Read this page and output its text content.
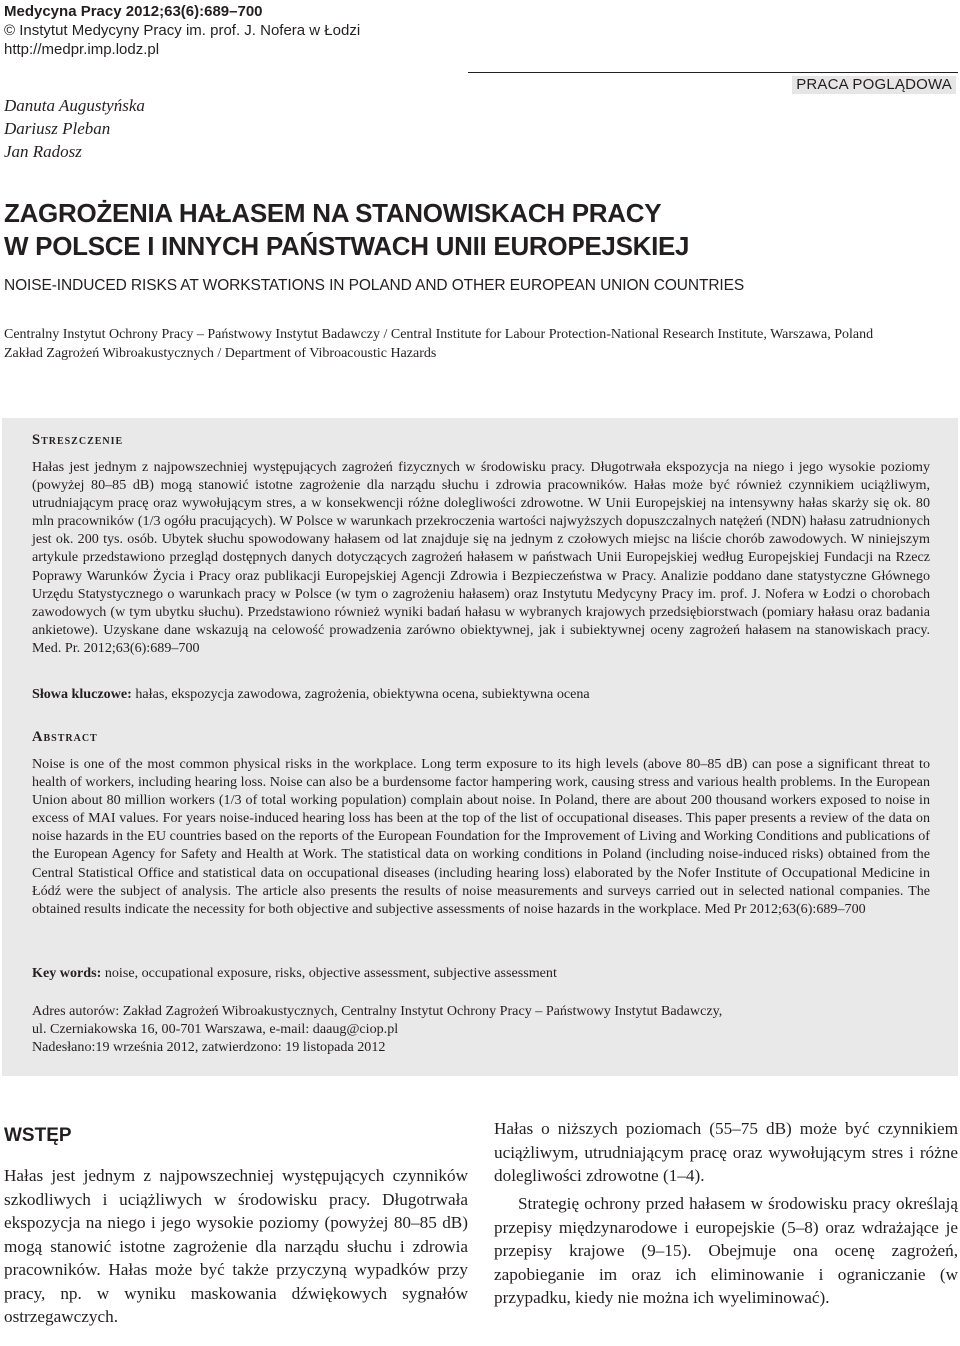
Medycyna Pracy 2012;63(6):689–700
© Instytut Medycyny Pracy im. prof. J. Nofera w Łodzi
http://medpr.imp.lodz.pl
Danuta Augustyńska
Dariusz Pleban
Jan Radosz
PRACA POGLĄDOWA
ZAGROŻENIA HAŁASEM NA STANOWISKACH PRACY
W POLSCE I INNYCH PAŃSTWACH UNII EUROPEJSKIEJ
NOISE-INDUCED RISKS AT WORKSTATIONS IN POLAND AND OTHER EUROPEAN UNION COUNTRIES
Centralny Instytut Ochrony Pracy – Państwowy Instytut Badawczy / Central Institute for Labour Protection-National Research Institute, Warszawa, Poland
Zakład Zagrożeń Wibroakustycznych / Department of Vibroacoustic Hazards
Streszczenie
Hałas jest jednym z najpowszechniej występujących zagrożeń fizycznych w środowisku pracy. Długotrwała ekspozycja na niego i jego wysokie poziomy (powyżej 80–85 dB) mogą stanowić istotne zagrożenie dla narządu słuchu i zdrowia pracowników. Hałas może być również czynnikiem uciążliwym, utrudniającym pracę oraz wywołującym stres, a w konsekwencji różne dolegliwości zdrowotne. W Unii Europejskiej na intensywny hałas skarży się ok. 80 mln pracowników (1/3 ogółu pracujących). W Polsce w warunkach przekroczenia wartości najwyższych dopuszczalnych natężeń (NDN) hałasu zatrudnionych jest ok. 200 tys. osób. Ubytek słuchu spowodowany hałasem od lat znajduje się na jednym z czołowych miejsc na liście chorób zawodowych. W niniejszym artykule przedstawiono przegląd dostępnych danych dotyczących zagrożeń hałasem w państwach Unii Europejskiej według Europejskiej Fundacji na Rzecz Poprawy Warunków Życia i Pracy oraz publikacji Europejskiej Agencji Zdrowia i Bezpieczeństwa w Pracy. Analizie poddano dane statystyczne Głównego Urzędu Statystycznego o warunkach pracy w Polsce (w tym o zagrożeniu hałasem) oraz Instytutu Medycyny Pracy im. prof. J. Nofera w Łodzi o chorobach zawodowych (w tym ubytku słuchu). Przedstawiono również wyniki badań hałasu w wybranych krajowych przedsiębiorstwach (pomiary hałasu oraz badania ankietowe). Uzyskane dane wskazują na celowość prowadzenia zarówno obiektywnej, jak i subiektywnej oceny zagrożeń hałasem na stanowiskach pracy. Med. Pr. 2012;63(6):689–700
Słowa kluczowe: hałas, ekspozycja zawodowa, zagrożenia, obiektywna ocena, subiektywna ocena
Abstract
Noise is one of the most common physical risks in the workplace. Long term exposure to its high levels (above 80–85 dB) can pose a significant threat to health of workers, including hearing loss. Noise can also be a burdensome factor hampering work, causing stress and various health problems. In the European Union about 80 million workers (1/3 of total working population) complain about noise. In Poland, there are about 200 thousand workers exposed to noise in excess of MAI values. For years noise-induced hearing loss has been at the top of the list of occupational diseases. This paper presents a review of the data on noise hazards in the EU countries based on the reports of the European Foundation for the Improvement of Living and Working Conditions and publications of the European Agency for Safety and Health at Work. The statistical data on working conditions in Poland (including noise-induced risks) obtained from the Central Statistical Office and statistical data on occupational diseases (including hearing loss) elaborated by the Nofer Institute of Occupational Medicine in Łódź were the subject of analysis. The article also presents the results of noise measurements and surveys carried out in selected national companies. The obtained results indicate the necessity for both objective and subjective assessments of noise hazards in the workplace. Med Pr 2012;63(6):689–700
Key words: noise, occupational exposure, risks, objective assessment, subjective assessment
Adres autorów: Zakład Zagrożeń Wibroakustycznych, Centralny Instytut Ochrony Pracy – Państwowy Instytut Badawczy,
ul. Czerniakowska 16, 00-701 Warszawa, e-mail: daaug@ciop.pl
Nadesłano:19 września 2012, zatwierdzono: 19 listopada 2012
WSTĘP
Hałas jest jednym z najpowszechniej występujących czynników szkodliwych i uciążliwych w środowisku pracy. Długotrwała ekspozycja na niego i jego wysokie poziomy (powyżej 80–85 dB) mogą stanowić istotne zagrożenie dla narządu słuchu i zdrowia pracowników. Hałas może być także przyczyną wypadków przy pracy, np. w wyniku maskowania dźwiękowych sygnałów ostrzegawczych.
Hałas o niższych poziomach (55–75 dB) może być czynnikiem uciążliwym, utrudniającym pracę oraz wywołującym stres i różne dolegliwości zdrowotne (1–4).
Strategię ochrony przed hałasem w środowisku pracy określają przepisy międzynarodowe i europejskie (5–8) oraz wdrażające je przepisy krajowe (9–15). Obejmuje ona ocenę zagrożeń, zapobieganie im oraz ich eliminowanie i ograniczanie (w przypadku, kiedy nie można ich wyeliminować).
